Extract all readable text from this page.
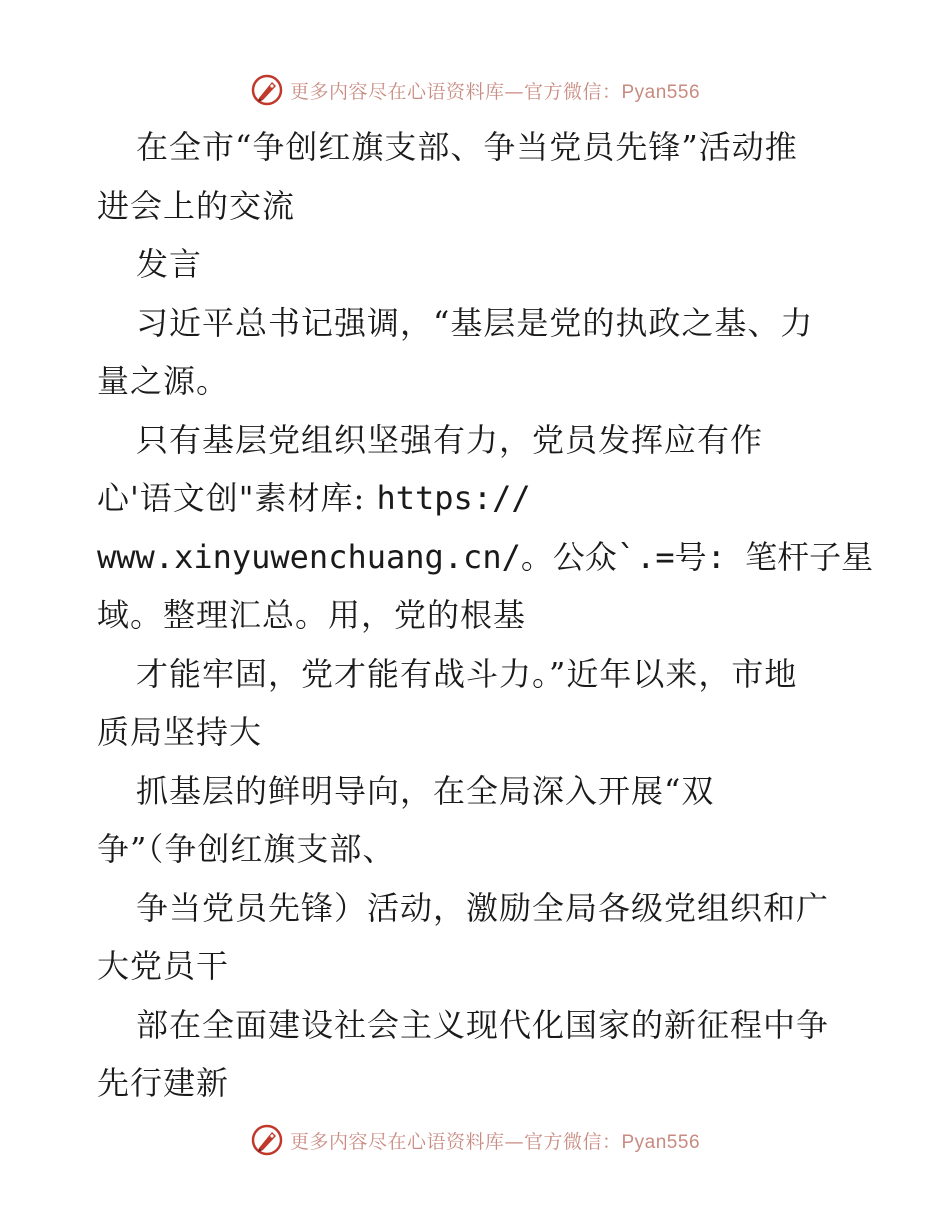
更多内容尽在心语资料库—官方微信：Pyan556
在全市“争创红旗支部、争当党员先锋”活动推
进会上的交流
发言
习近平总书记强调，“基层是党的执政之基、力
量之源。
只有基层党组织坚强有力，党员发挥应有作
心'语文创"素材库: https://
www.xinyuwenchuang.cn/。公众`.=号: 笔杆子星
域。整理汇总。用，党的根基
才能牢固，党才能有战斗力。”近年以来，市地
质局坚持大
抓基层的鲜明导向，在全局深入开展“双
争”（争创红旗支部、
争当党员先锋）活动，激励全局各级党组织和广
大党员干
部在全面建设社会主义现代化国家的新征程中争
先行建新
更多内容尽在心语资料库—官方微信：Pyan556
